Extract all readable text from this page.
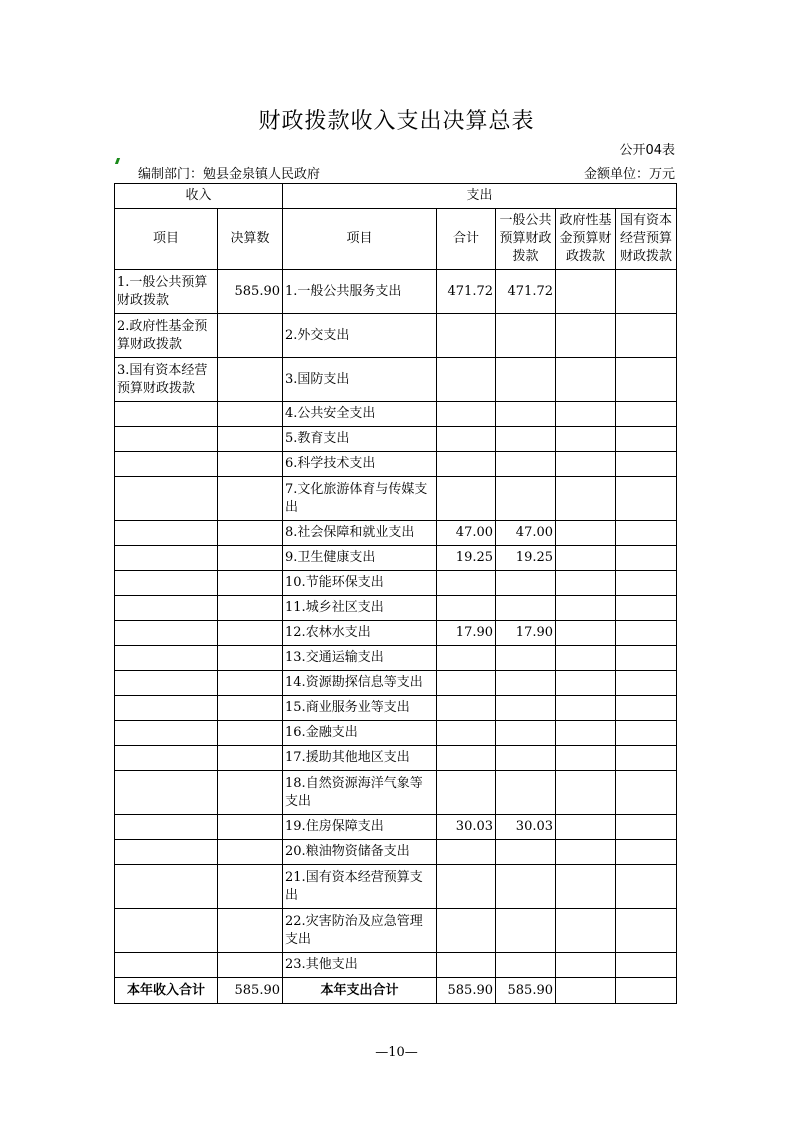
财政拨款收入支出决算总表
公开04表
编制部门：勉县金泉镇人民政府	金额单位：万元
收入		支出				
项目	决算数	项目	合计	一般公共预算财政拨款	政府性基金预算财政拨款	国有资本经营预算财政拨款
1.一般公共预算财政拨款	585.90	1.一般公共服务支出	471.72	471.72		
2.政府性基金预算财政拨款		2.外交支出				
3.国有资本经营预算财政拨款		3.国防支出				
		4.公共安全支出				
		5.教育支出				
		6.科学技术支出				
		7.文化旅游体育与传媒支出				
		8.社会保障和就业支出	47.00	47.00		
		9.卫生健康支出	19.25	19.25		
		10.节能环保支出				
		11.城乡社区支出				
		12.农林水支出	17.90	17.90		
		13.交通运输支出				
		14.资源勘探信息等支出				
		15.商业服务业等支出				
		16.金融支出				
		17.援助其他地区支出				
		18.自然资源海洋气象等支出				
		19.住房保障支出	30.03	30.03		
		20.粮油物资储备支出				
		21.国有资本经营预算支出				
		22.灾害防治及应急管理支出				
		23.其他支出				
本年收入合计	585.90	本年支出合计	585.90	585.90		
—10—
